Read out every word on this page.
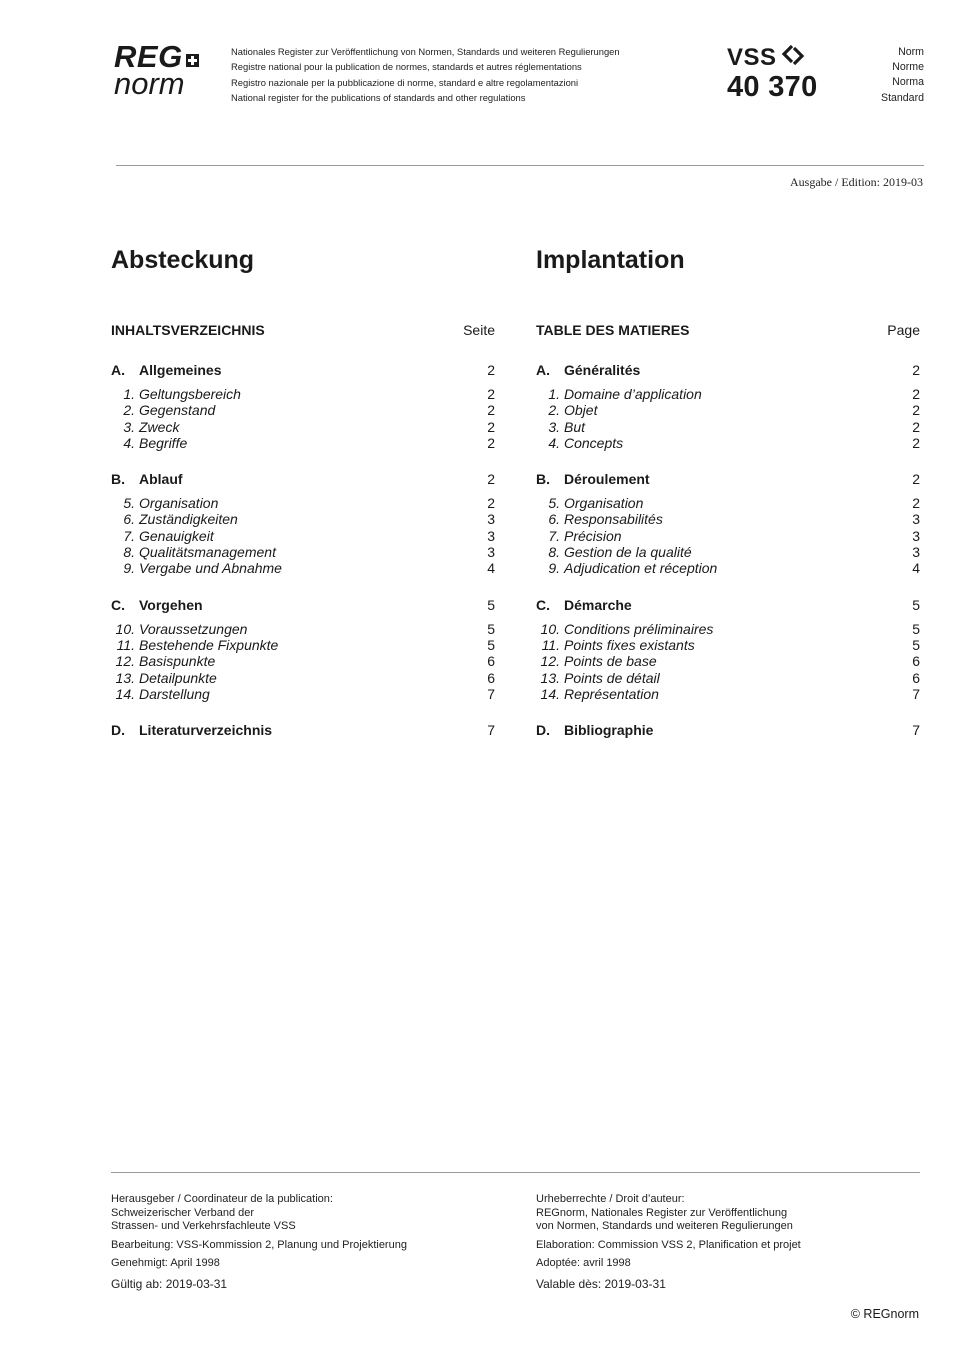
REG
norm
Nationales Register zur Veröffentlichung von Normen, Standards und weiteren Regulierungen
Registre national pour la publication de normes, standards et autres réglementations
Registro nazionale per la pubblicazione di norme, standard e altre regolamentazioni
National register for the publications of standards and other regulations
VSS
40 370
Norm
Norme
Norma
Standard
Ausgabe / Edition: 2019-03
Absteckung	Implantation
INHALTSVERZEICHNIS	Seite
A.	Allgemeines	2
1. Geltungsbereich	2
2. Gegenstand	2
3. Zweck	2
4. Begriffe	2
B.	Ablauf	2
5. Organisation	2
6. Zuständigkeiten	3
7. Genauigkeit	3
8. Qualitätsmanagement	3
9. Vergabe und Abnahme	4
C.	Vorgehen	5
10. Voraussetzungen	5
11. Bestehende Fixpunkte	5
12. Basispunkte	6
13. Detailpunkte	6
14. Darstellung	7
D.	Literaturverzeichnis	7
TABLE DES MATIERES	Page
A.	Généralités	2
1. Domaine d’application	2
2. Objet	2
3. But	2
4. Concepts	2
B.	Déroulement	2
5. Organisation	2
6. Responsabilités	3
7. Précision	3
8. Gestion de la qualité	3
9. Adjudication et réception	4
C.	Démarche	5
10. Conditions préliminaires	5
11. Points fixes existants	5
12. Points de base	6
13. Points de détail	6
14. Représentation	7
D.	Bibliographie	7
Herausgeber / Coordinateur de la publication:
Schweizerischer Verband der
Strassen- und Verkehrsfachleute VSS
Bearbeitung: VSS-Kommission 2, Planung und Projektierung
Genehmigt: April 1998
Gültig ab: 2019-03-31
Urheberrechte / Droit d’auteur:
REGnorm, Nationales Register zur Veröffentlichung
von Normen, Standards und weiteren Regulierungen
Elaboration: Commission VSS 2, Planification et projet
Adoptée: avril 1998
Valable dès: 2019-03-31
© REGnorm
